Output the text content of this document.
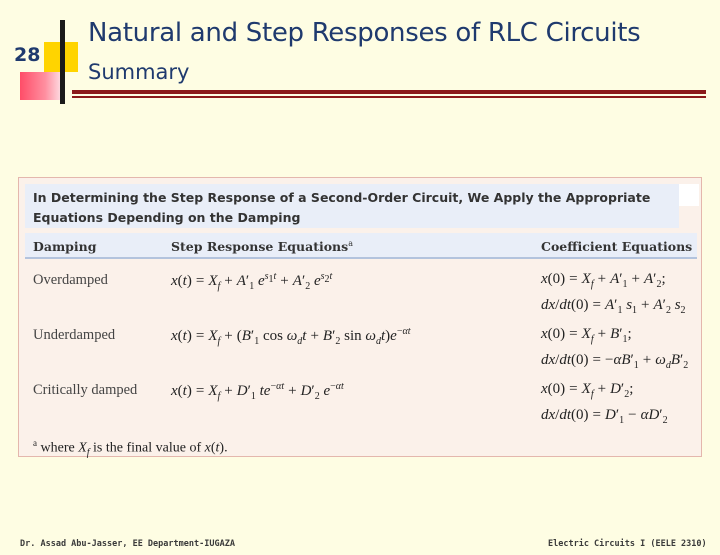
28
Natural and Step Responses of RLC Circuits
Summary
In Determining the Step Response of a Second-Order Circuit, We Apply the Appropriate Equations Depending on the Damping
Damping	Step Response Equations$^a$	Coefficient Equations
Overdamped	$x(t) = X_f + A'_1$ $e^{s_1t} + A'_2$ $e^{s_2t}$	$x(0) = X_f + A'_1 + A'_2$;
$dx/dt(0) = A'_1$ $s_1 + A'_2$ $s_2$
Underdamped	$x(t) = X_f + (B'_1$ $\cos \omega_dt + B'_2$ $\sin \omega_dt)e^{-\alpha t}$	$x(0) = X_f + B'_1$;
$dx/dt(0) = -\alpha B'_1 + \omega_dB'_2$
Critically damped $x(t) = X_f + D'_1$ $te^{-\alpha t} + D'_2$ $e^{-\alpha t}$	$x(0) = X_f + D'_2$;
$dx/dt(0) = D'_1 - \alpha D'_2$
$^a$ where $X_f$ is the final value of x(t).
Dr. Assad Abu-Jasser, EE Department-IUGAZA	Electric Circuits I (EELE 2310)
